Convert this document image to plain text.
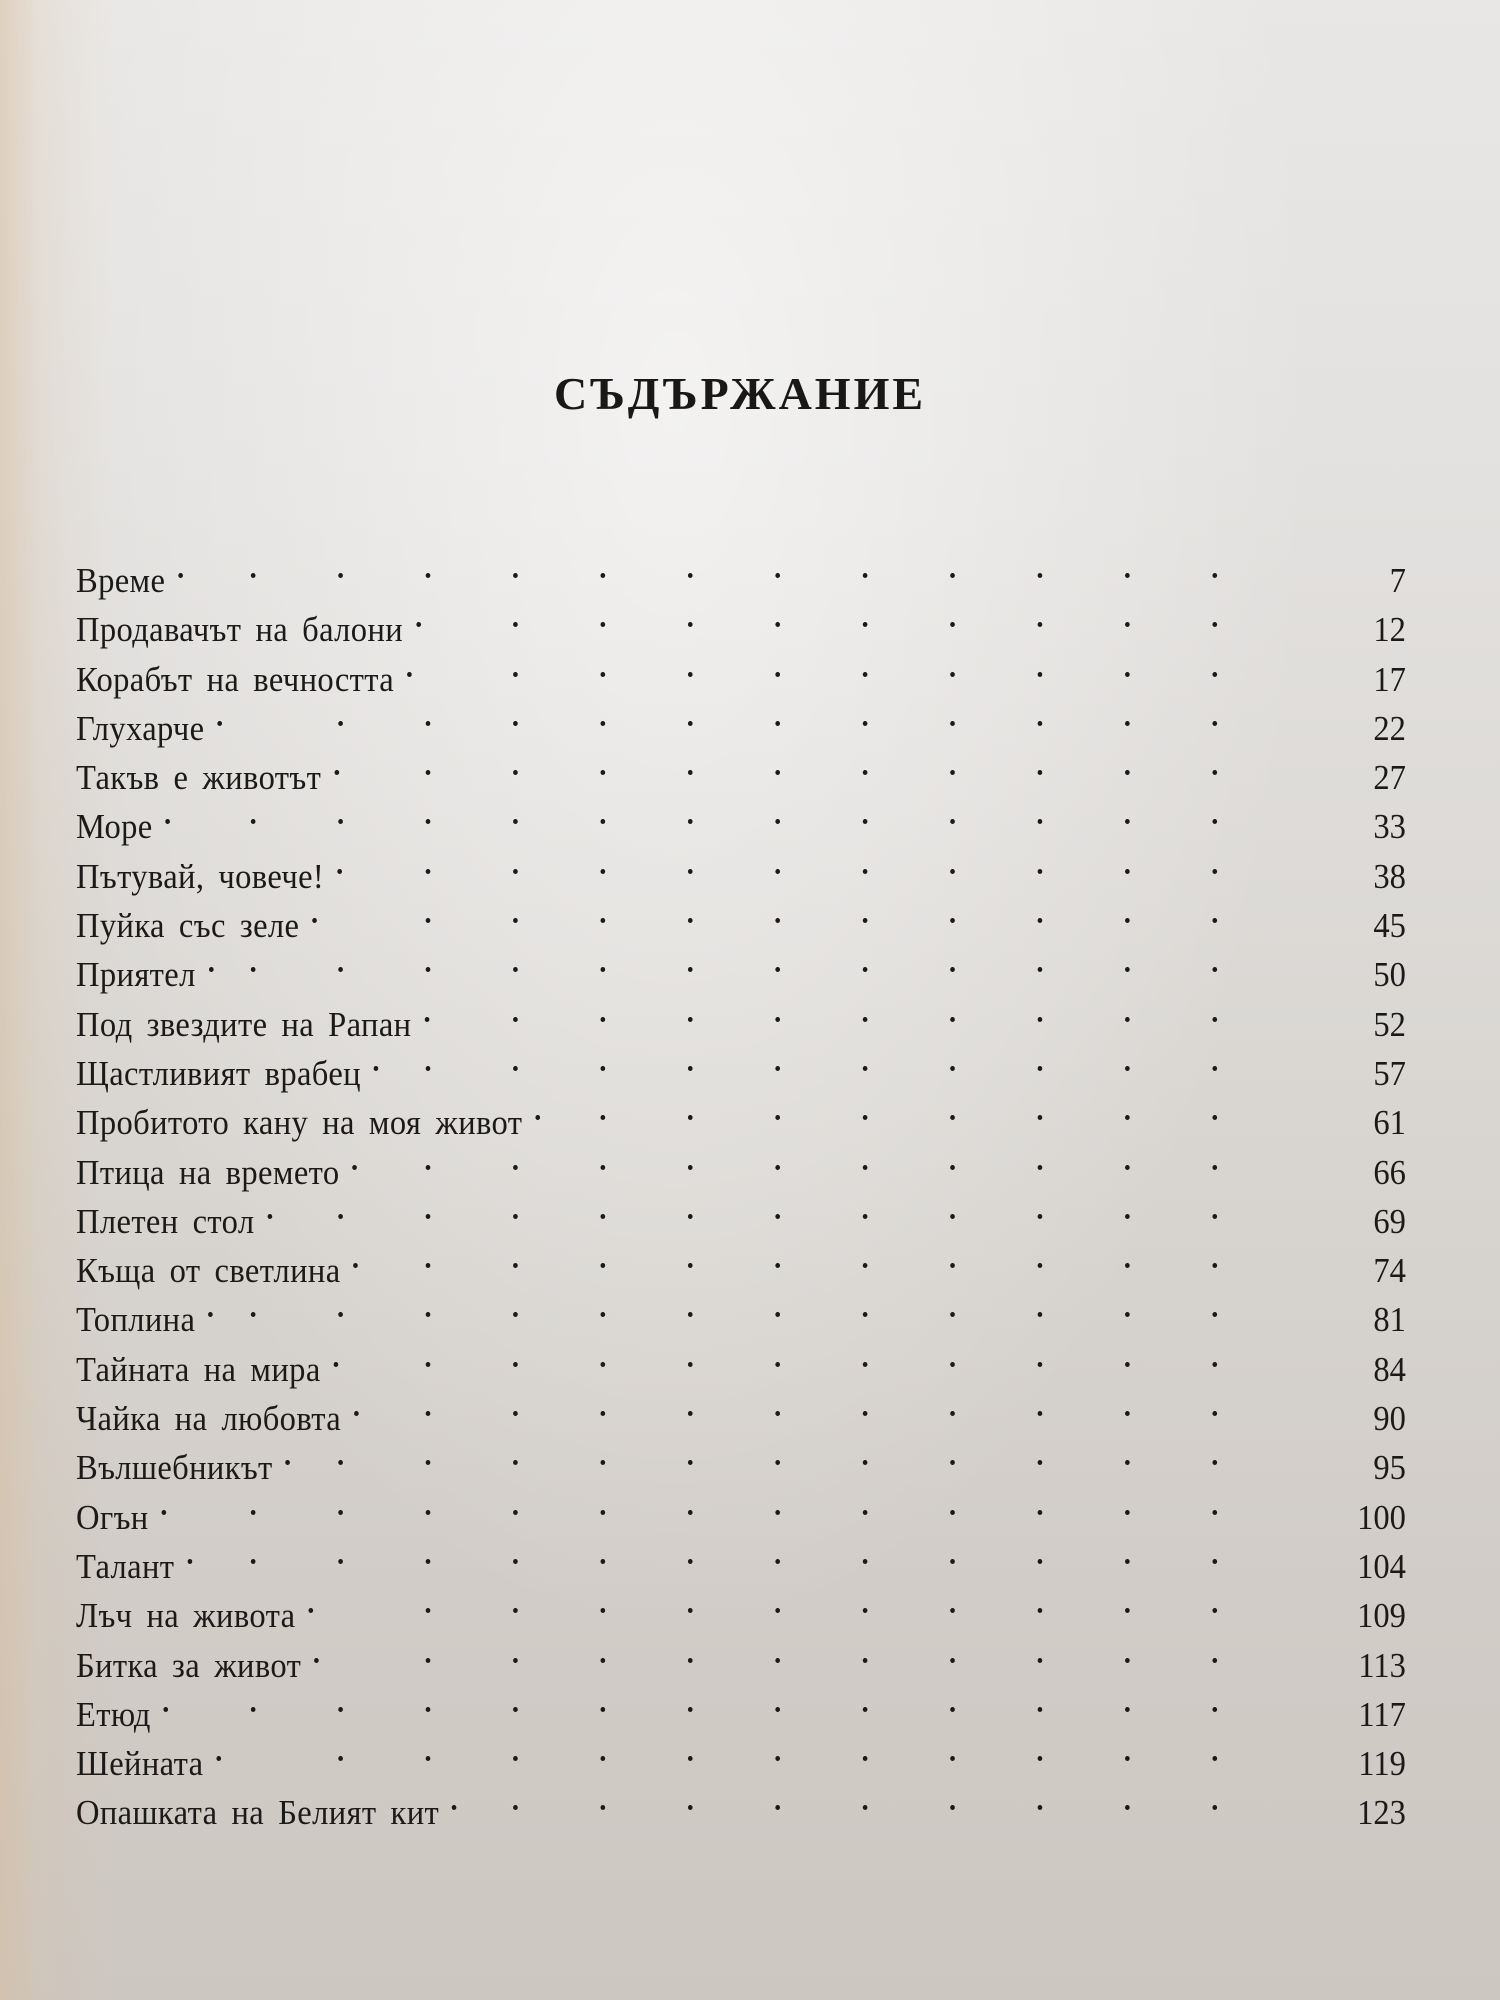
СЪДЪРЖАНИЕ
Време	7
Продавачът на балони	12
Корабът на вечността	17
Глухарче	22
Такъв е животът	27
Море	33
Пътувай, човече!	38
Пуйка със зеле	45
Приятел	50
Под звездите на Рапан	52
Щастливият врабец	57
Пробитото кану на моя живот	61
Птица на времето	66
Плетен стол	69
Къща от светлина	74
Топлина	81
Тайната на мира	84
Чайка на любовта	90
Вълшебникът	95
Огън	100
Талант	104
Лъч на живота	109
Битка за живот	113
Етюд	117
Шейната	119
Опашката на Белият кит	123
